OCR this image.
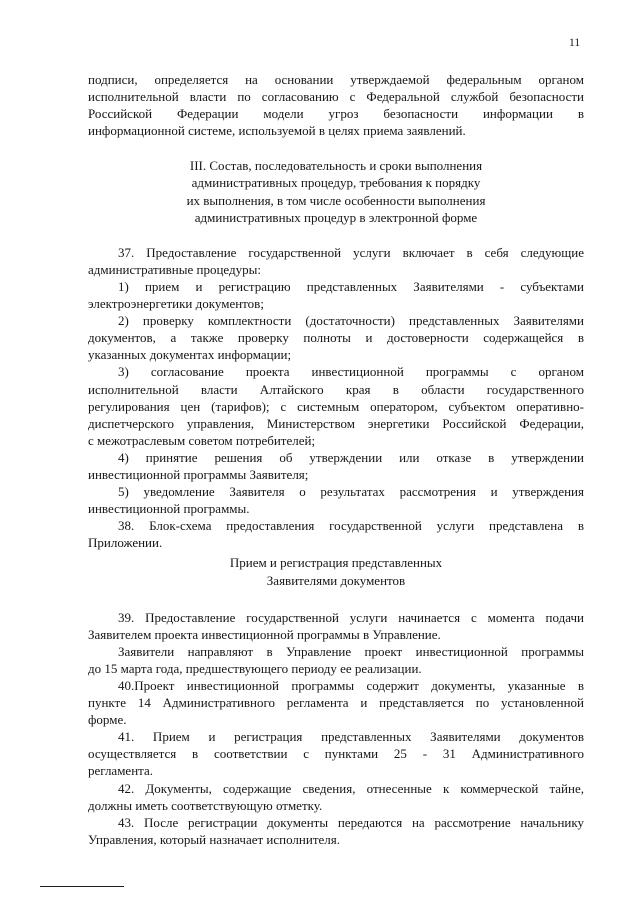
11
подписи, определяется на основании утверждаемой федеральным органом
исполнительной власти по согласованию с Федеральной службой безопасности
Российской Федерации модели угроз безопасности информации в
информационной системе, используемой в целях приема заявлений.
III. Состав, последовательность и сроки выполнения
административных процедур, требования к порядку
их выполнения, в том числе особенности выполнения
административных процедур в электронной форме
37. Предоставление государственной услуги включает в себя следующие
административные процедуры:
1) прием и регистрацию представленных Заявителями - субъектами
электроэнергетики документов;
2) проверку комплектности (достаточности) представленных Заявителями
документов, а также проверку полноты и достоверности содержащейся в
указанных документах информации;
3) согласование проекта инвестиционной программы с органом
исполнительной власти Алтайского края в области государственного
регулирования цен (тарифов); с системным оператором, субъектом оперативно-
диспетчерского управления, Министерством энергетики Российской Федерации,
с межотраслевым советом потребителей;
4) принятие решения об утверждении или отказе в утверждении
инвестиционной программы Заявителя;
5) уведомление Заявителя о результатах рассмотрения и утверждения
инвестиционной программы.
38. Блок-схема предоставления государственной услуги представлена в
Приложении.
Прием и регистрация представленных
Заявителями документов
39. Предоставление государственной услуги начинается с момента подачи
Заявителем проекта инвестиционной программы в Управление.
Заявители направляют в Управление проект инвестиционной программы
до 15 марта года, предшествующего периоду ее реализации.
40.Проект инвестиционной программы содержит документы, указанные в
пункте 14 Административного регламента и представляется по установленной
форме.
41. Прием и регистрация представленных Заявителями документов
осуществляется в соответствии с пунктами 25 - 31 Административного
регламента.
42. Документы, содержащие сведения, отнесенные к коммерческой тайне,
должны иметь соответствующую отметку.
43. После регистрации документы передаются на рассмотрение начальнику
Управления, который назначает исполнителя.
